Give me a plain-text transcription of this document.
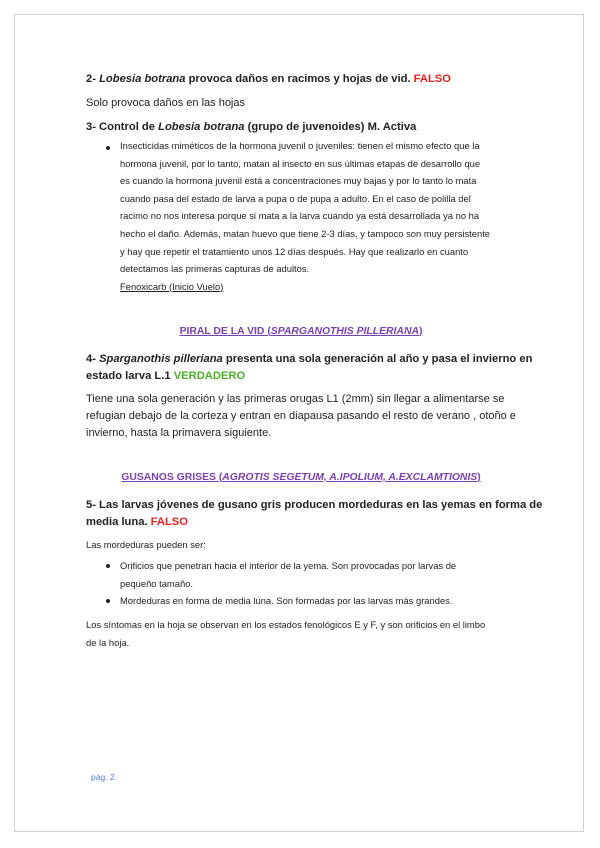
2- Lobesia botrana provoca daños en racimos y hojas de vid. FALSO
Solo provoca daños en las hojas
3- Control de Lobesia botrana (grupo de juvenoides) M. Activa
Insecticidas miméticos de la hormona juvenil o juveniles: tienen el mismo efecto que la
hormona juvenil, por lo tanto, matan al insecto en sus últimas etapas de desarrollo que
es cuando la hormona juvenil está a concentraciones muy bajas y por lo tanto lo mata
cuando pasa del estado de larva a pupa o de pupa a adulto. En el caso de polilla del
racimo no nos interesa porque si mata a la larva cuando ya está desarrollada ya no ha
hecho el daño. Además, matan huevo que tiene 2-3 días, y tampoco son muy persistente
y hay que repetir el tratamiento unos 12 días después. Hay que realizarlo en cuanto
detectamos las primeras capturas de adultos.
Fenoxicarb (Inicio Vuelo)
PIRAL DE LA VID (SPARGANOTHIS PILLERIANA)
4- Sparganothis pilleriana presenta una sola generación al año y pasa el invierno en
estado larva L.1 VERDADERO
Tiene una sola generación y las primeras orugas L1 (2mm) sin llegar a alimentarse se
refugian debajo de la corteza y entran en diapausa pasando el resto de verano , otoño e
invierno, hasta la primavera siguiente.
GUSANOS GRISES (AGROTIS SEGETUM, A.IPOLIUM, A.EXCLAMTIONIS)
5- Las larvas jóvenes de gusano gris producen mordeduras en las yemas en forma de
media luna. FALSO
Las mordeduras pueden ser:
Orificios que penetran hacia el interior de la yema. Son provocadas por larvas de
pequeño tamaño.
Mordeduras en forma de media luna. Son formadas por las larvas más grandes.
Los síntomas en la hoja se observan en los estados fenológicos E y F, y son orificios en el limbo
de la hoja.
pág. 2
